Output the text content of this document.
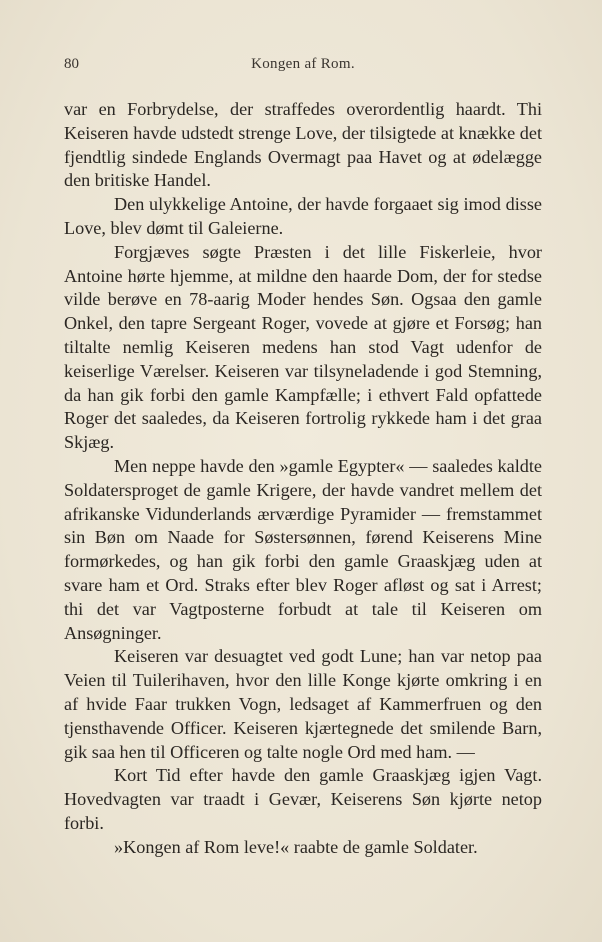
80	Kongen af Rom.

var en Forbrydelse, der straffedes overordentlig haardt. Thi Keiseren havde udstedt strenge Love, der tilsigtede at knække det fjendtlig sindede Englands Overmagt paa Havet og at ødelægge den britiske Handel.

Den ulykkelige Antoine, der havde forgaaet sig imod disse Love, blev dømt til Galeierne.

Forgjæves søgte Præsten i det lille Fiskerleie, hvor Antoine hørte hjemme, at mildne den haarde Dom, der for stedse vilde berøve en 78-aarig Moder hendes Søn. Ogsaa den gamle Onkel, den tapre Sergeant Roger, vovede at gjøre et Forsøg; han tiltalte nemlig Keiseren medens han stod Vagt udenfor de keiserlige Værelser. Keiseren var tilsyneladende i god Stemning, da han gik forbi den gamle Kampfælle; i ethvert Fald opfattede Roger det saaledes, da Keiseren fortrolig rykkede ham i det graa Skjæg.

Men neppe havde den »gamle Egypter« — saaledes kaldte Soldatersproget de gamle Krigere, der havde vandret mellem det afrikanske Vidunderlands ærværdige Pyramider — fremstammet sin Bøn om Naade for Søstersønnen, førend Keiserens Mine formørkedes, og han gik forbi den gamle Graaskjæg uden at svare ham et Ord. Straks efter blev Roger afløst og sat i Arrest; thi det var Vagtposterne forbudt at tale til Keiseren om Ansøgninger.

Keiseren var desuagtet ved godt Lune; han var netop paa Veien til Tuilerihaven, hvor den lille Konge kjørte omkring i en af hvide Faar trukken Vogn, ledsaget af Kammerfruen og den tjensthavende Officer. Keiseren kjærtegnede det smilende Barn, gik saa hen til Officeren og talte nogle Ord med ham. —

Kort Tid efter havde den gamle Graaskjæg igjen Vagt. Hovedvagten var traadt i Gevær, Keiserens Søn kjørte netop forbi.

»Kongen af Rom leve!« raabte de gamle Soldater.
